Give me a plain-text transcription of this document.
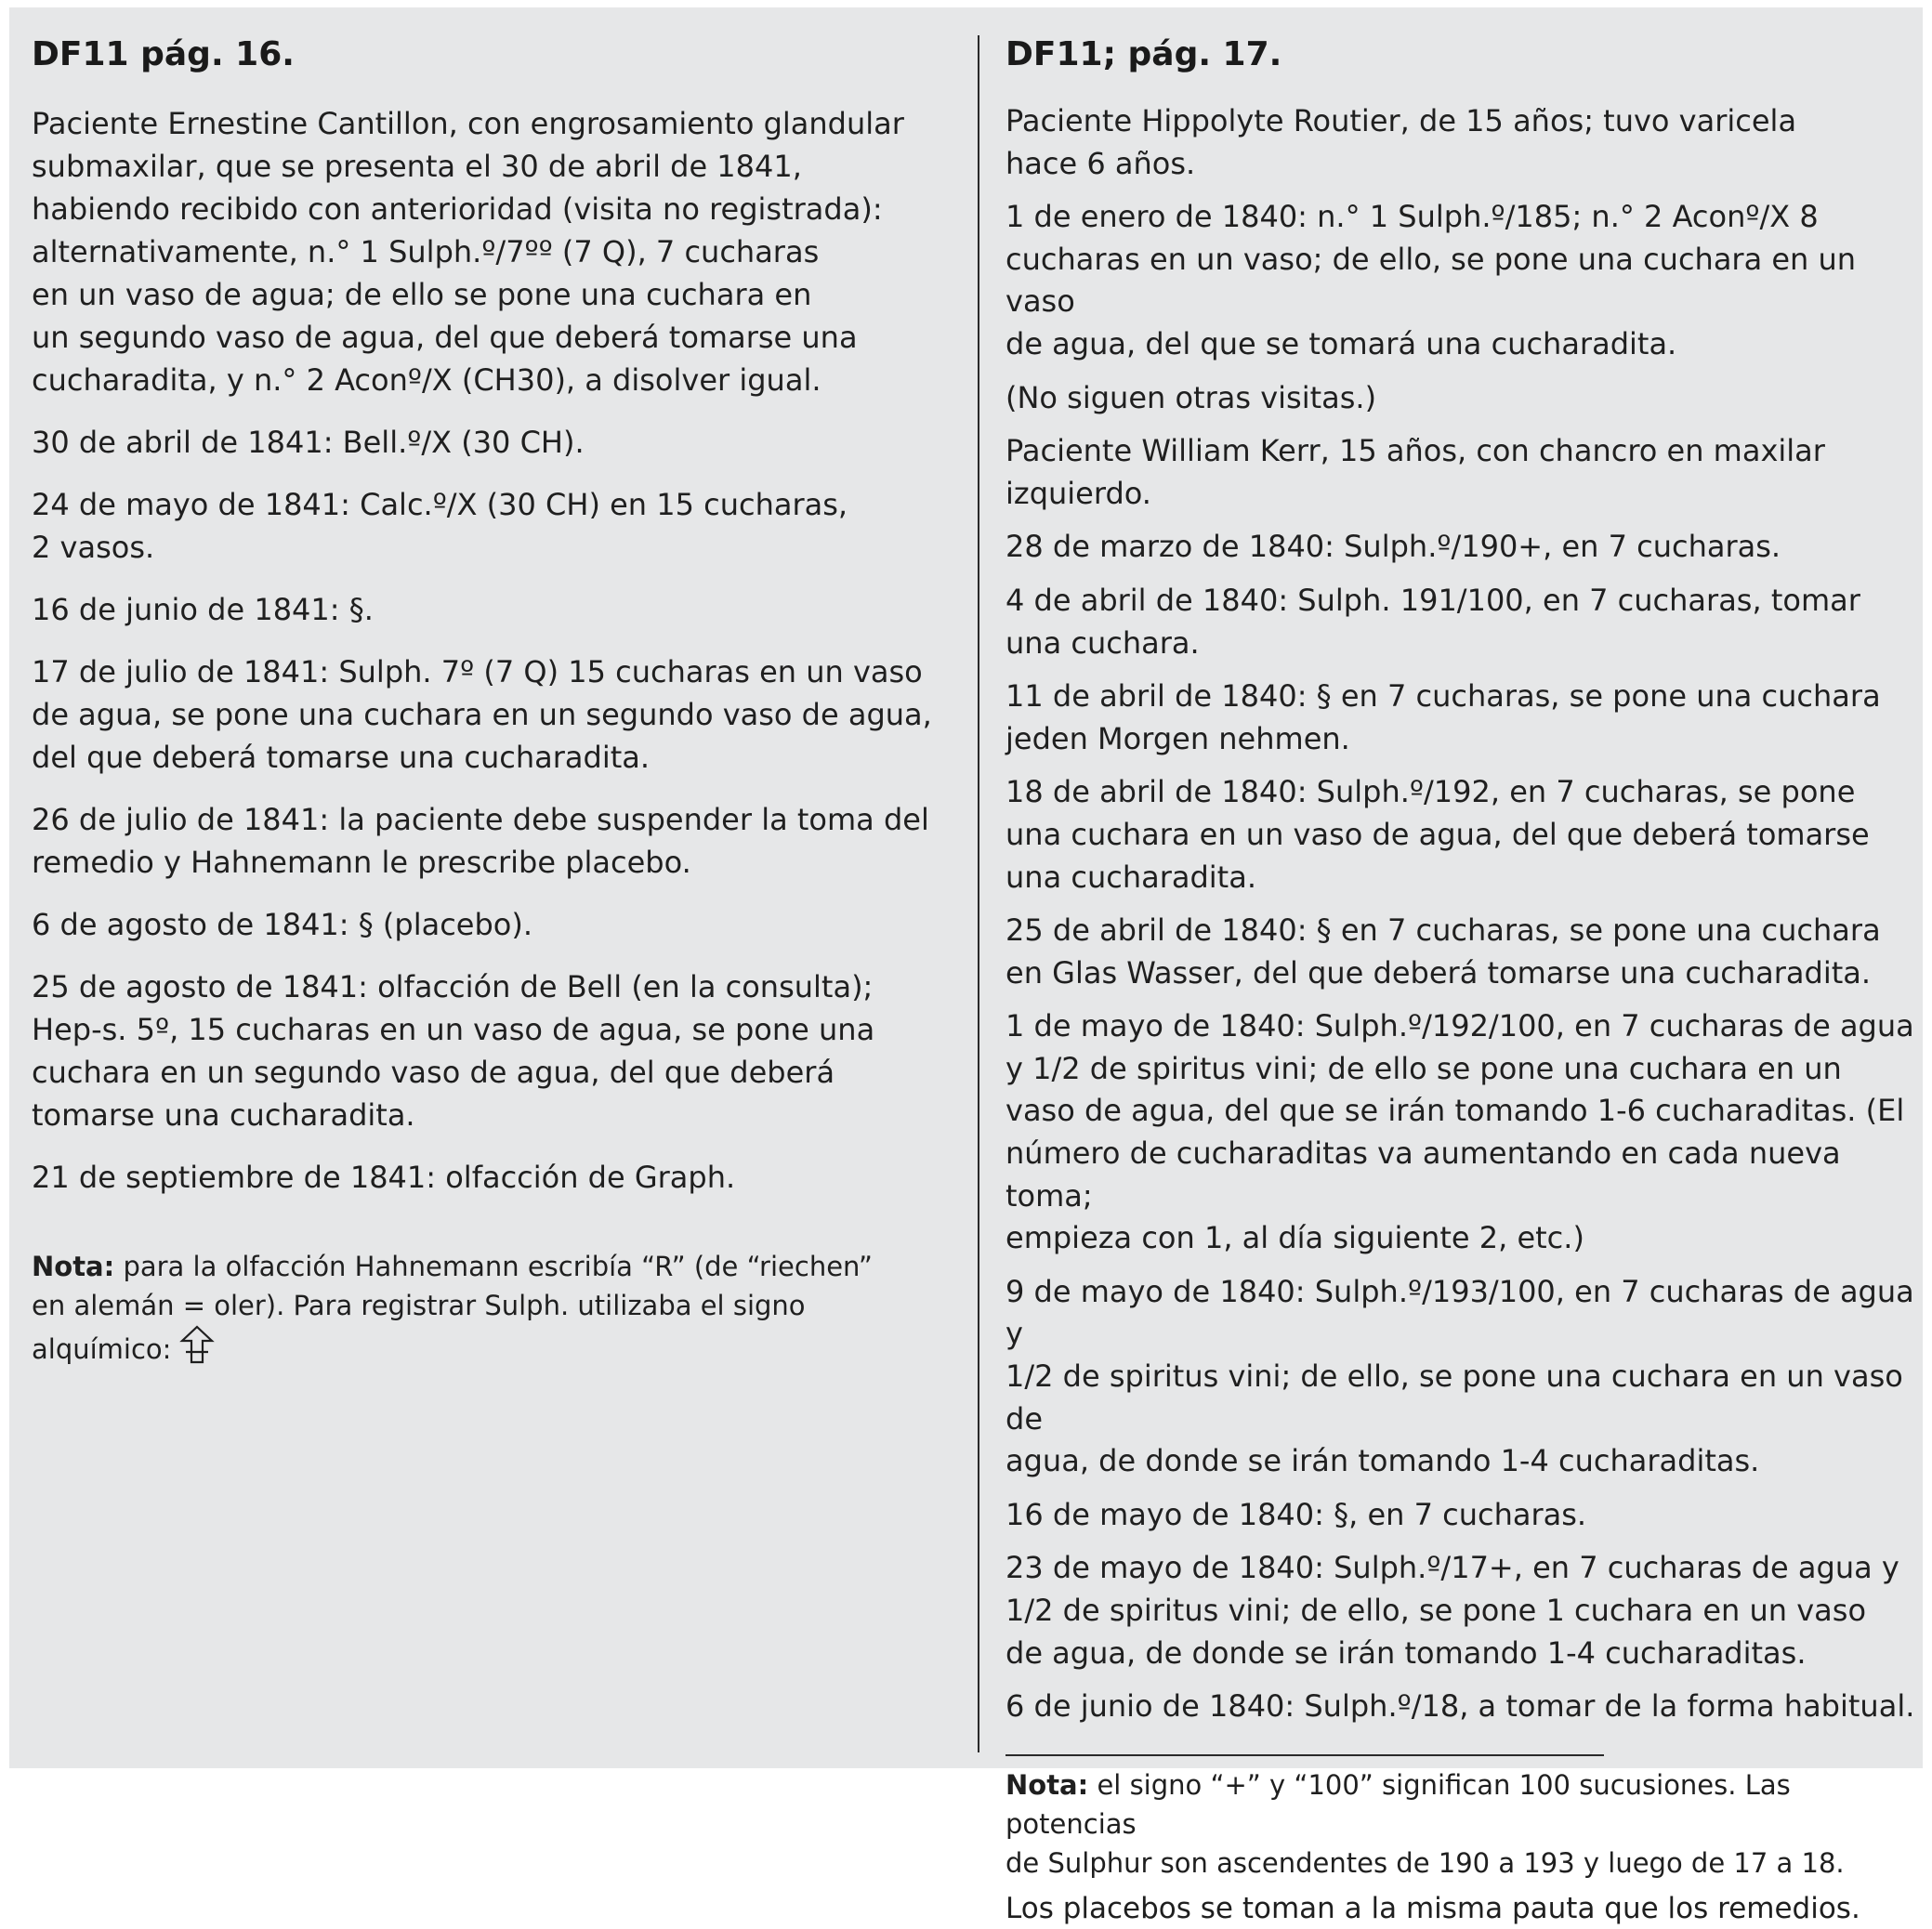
DF11 pág. 16.

Paciente Ernestine Cantillon, con engrosamiento glandular
submaxilar, que se presenta el 30 de abril de 1841,
habiendo recibido con anterioridad (visita no registrada):
alternativamente, n.° 1 Sulph.º/7ºº (7 Q), 7 cucharas
en un vaso de agua; de ello se pone una cuchara en
un segundo vaso de agua, del que deberá tomarse una
cucharadita, y n.° 2 Aconº/X (CH30), a disolver igual.

30 de abril de 1841: Bell.º/X (30 CH).

24 de mayo de 1841: Calc.º/X (30 CH) en 15 cucharas,
2 vasos.

16 de junio de 1841: §.

17 de julio de 1841: Sulph. 7º (7 Q) 15 cucharas en un vaso
de agua, se pone una cuchara en un segundo vaso de agua,
del que deberá tomarse una cucharadita.

26 de julio de 1841: la paciente debe suspender la toma del
remedio y Hahnemann le prescribe placebo.

6 de agosto de 1841: § (placebo).

25 de agosto de 1841: olfacción de Bell (en la consulta);
Hep-s. 5º, 15 cucharas en un vaso de agua, se pone una
cuchara en un segundo vaso de agua, del que deberá
tomarse una cucharadita.

21 de septiembre de 1841: olfacción de Graph.

Nota: para la olfacción Hahnemann escribía “R” (de “riechen”
en alemán = oler). Para registrar Sulph. utilizaba el signo
alquímico:
DF11; pág. 17.

Paciente Hippolyte Routier, de 15 años; tuvo varicela
hace 6 años.

1 de enero de 1840: n.° 1 Sulph.º/185; n.° 2 Aconº/X 8
cucharas en un vaso; de ello, se pone una cuchara en un vaso
de agua, del que se tomará una cucharadita.

(No siguen otras visitas.)

Paciente William Kerr, 15 años, con chancro en maxilar
izquierdo.

28 de marzo de 1840: Sulph.º/190+, en 7 cucharas.

4 de abril de 1840: Sulph. 191/100, en 7 cucharas, tomar
una cuchara.

11 de abril de 1840: § en 7 cucharas, se pone una cuchara
jeden Morgen nehmen.

18 de abril de 1840: Sulph.º/192, en 7 cucharas, se pone
una cuchara en un vaso de agua, del que deberá tomarse
una cucharadita.

25 de abril de 1840: § en 7 cucharas, se pone una cuchara
en Glas Wasser, del que deberá tomarse una cucharadita.

1 de mayo de 1840: Sulph.º/192/100, en 7 cucharas de agua
y 1/2 de spiritus vini; de ello se pone una cuchara en un
vaso de agua, del que se irán tomando 1-6 cucharaditas. (El
número de cucharaditas va aumentando en cada nueva toma;
empieza con 1, al día siguiente 2, etc.)

9 de mayo de 1840: Sulph.º/193/100, en 7 cucharas de agua y
1/2 de spiritus vini; de ello, se pone una cuchara en un vaso de
agua, de donde se irán tomando 1-4 cucharaditas.

16 de mayo de 1840: §, en 7 cucharas.

23 de mayo de 1840: Sulph.º/17+, en 7 cucharas de agua y
1/2 de spiritus vini; de ello, se pone 1 cuchara en un vaso
de agua, de donde se irán tomando 1-4 cucharaditas.

6 de junio de 1840: Sulph.º/18, a tomar de la forma habitual.

Nota: el signo “+” y “100” significan 100 sucusiones. Las potencias
de Sulphur son ascendentes de 190 a 193 y luego de 17 a 18.
Los placebos se toman a la misma pauta que los remedios.
